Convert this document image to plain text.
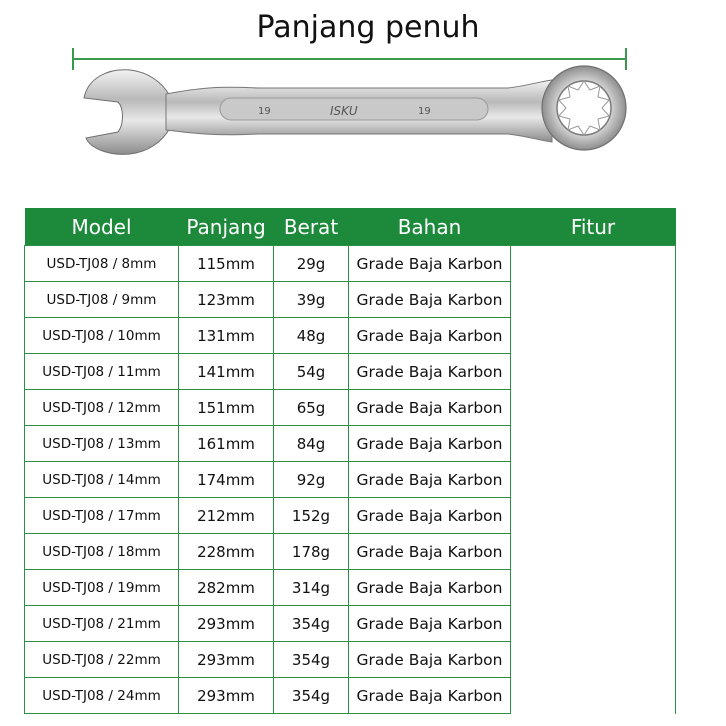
Panjang penuh
19	ISKU	19
Model	Panjang	Berat	Bahan	Fitur
USD-TJ08 / 8mm	115mm	29g	Grade Baja Karbon	
USD-TJ08 / 9mm	123mm	39g	Grade Baja Karbon	
USD-TJ08 / 10mm	131mm	48g	Grade Baja Karbon	
USD-TJ08 / 11mm	141mm	54g	Grade Baja Karbon	
USD-TJ08 / 12mm	151mm	65g	Grade Baja Karbon	
USD-TJ08 / 13mm	161mm	84g	Grade Baja Karbon	
USD-TJ08 / 14mm	174mm	92g	Grade Baja Karbon	
USD-TJ08 / 17mm	212mm	152g	Grade Baja Karbon	
USD-TJ08 / 18mm	228mm	178g	Grade Baja Karbon	
USD-TJ08 / 19mm	282mm	314g	Grade Baja Karbon	
USD-TJ08 / 21mm	293mm	354g	Grade Baja Karbon	
USD-TJ08 / 22mm	293mm	354g	Grade Baja Karbon	
USD-TJ08 / 24mm	293mm	354g	Grade Baja Karbon	
